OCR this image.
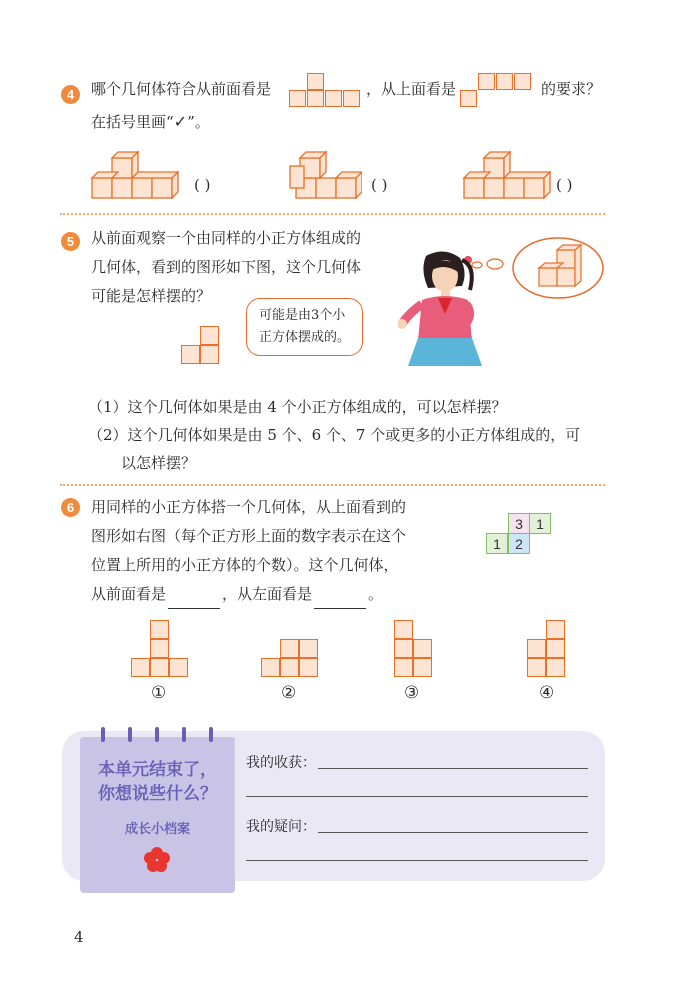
4	哪个几何体符合从前面看是	，从上面看是	的要求？
在括号里画“✓”。
( )	( )	( )
5	从前面观察一个由同样的小正方体组成的
几何体，看到的图形如下图，这个几何体
可能是怎样摆的？
可能是由3个小
正方体摆成的。
（1）这个几何体如果是由 4 个小正方体组成的，可以怎样摆？
（2）这个几何体如果是由 5 个、6 个、7 个或更多的小正方体组成的，可
以怎样摆？
6	用同样的小正方体搭一个几何体，从上面看到的
图形如右图（每个正方形上面的数字表示在这个
位置上所用的小正方体的个数）。这个几何体，
从前面看是	，从左面看是	。
3 1
1	2
①	②	③	④
本单元结束了，
你想说些什么？
成长小档案
我的收获：
我的疑问：
4
